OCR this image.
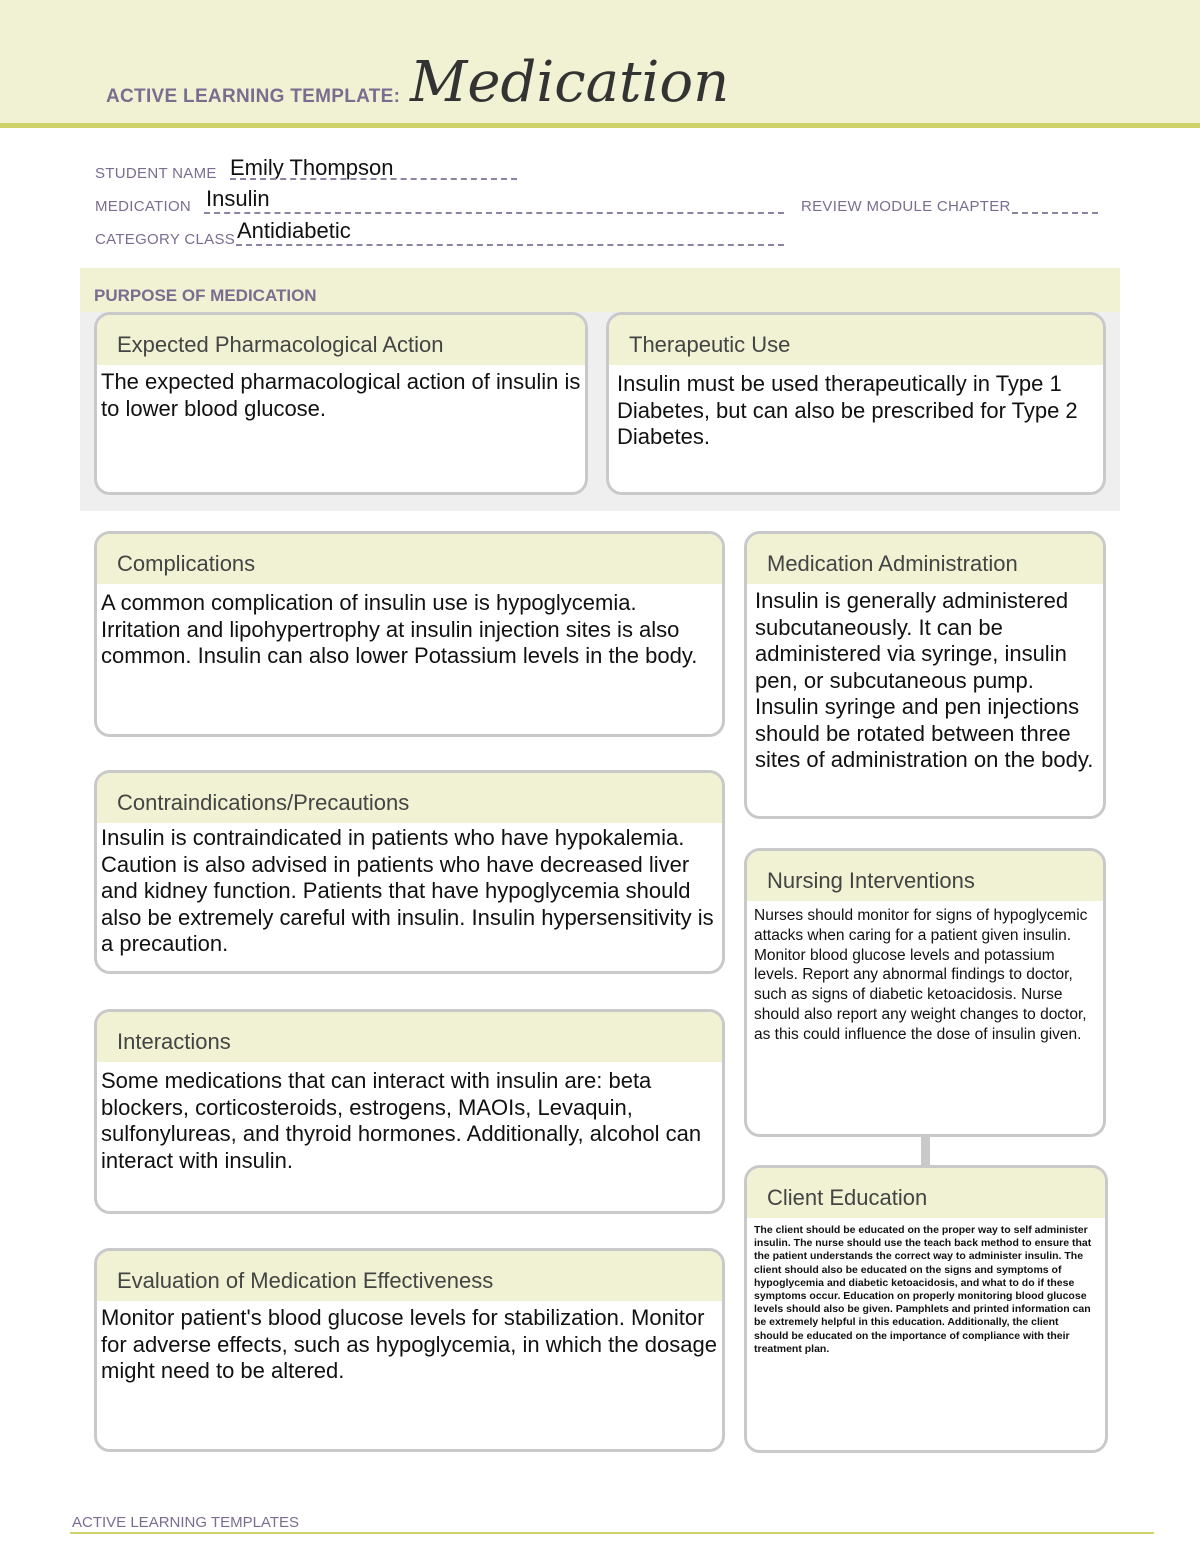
ACTIVE LEARNING TEMPLATE: Medication
STUDENT NAME Emily Thompson
MEDICATION Insulin	REVIEW MODULE CHAPTER
CATEGORY CLASS Antidiabetic
PURPOSE OF MEDICATION
Expected Pharmacological Action
The expected pharmacological action of insulin is to lower blood glucose.
Therapeutic Use
Insulin must be used therapeutically in Type 1 Diabetes, but can also be prescribed for Type 2 Diabetes.
Complications
A common complication of insulin use is hypoglycemia. Irritation and lipohypertrophy at insulin injection sites is also common. Insulin can also lower Potassium levels in the body.
Contraindications/Precautions
Insulin is contraindicated in patients who have hypokalemia. Caution is also advised in patients who have decreased liver and kidney function. Patients that have hypoglycemia should also be extremely careful with insulin. Insulin hypersensitivity is a precaution.
Interactions
Some medications that can interact with insulin are: beta blockers, corticosteroids, estrogens, MAOIs, Levaquin, sulfonylureas, and thyroid hormones. Additionally, alcohol can interact with insulin.
Evaluation of Medication Effectiveness
Monitor patient's blood glucose levels for stabilization. Monitor for adverse effects, such as hypoglycemia, in which the dosage might need to be altered.
Medication Administration
Insulin is generally administered subcutaneously. It can be administered via syringe, insulin pen, or subcutaneous pump. Insulin syringe and pen injections should be rotated between three sites of administration on the body.
Nursing Interventions
Nurses should monitor for signs of hypoglycemic attacks when caring for a patient given insulin. Monitor blood glucose levels and potassium levels. Report any abnormal findings to doctor, such as signs of diabetic ketoacidosis. Nurse should also report any weight changes to doctor, as this could influence the dose of insulin given.
Client Education
The client should be educated on the proper way to self administer insulin. The nurse should use the teach back method to ensure that the patient understands the correct way to administer insulin. The client should also be educated on the signs and symptoms of hypoglycemia and diabetic ketoacidosis, and what to do if these symptoms occur. Education on properly monitoring blood glucose levels should also be given. Pamphlets and printed information can be extremely helpful in this education. Additionally, the client should be educated on the importance of compliance with their treatment plan.
ACTIVE LEARNING TEMPLATES
